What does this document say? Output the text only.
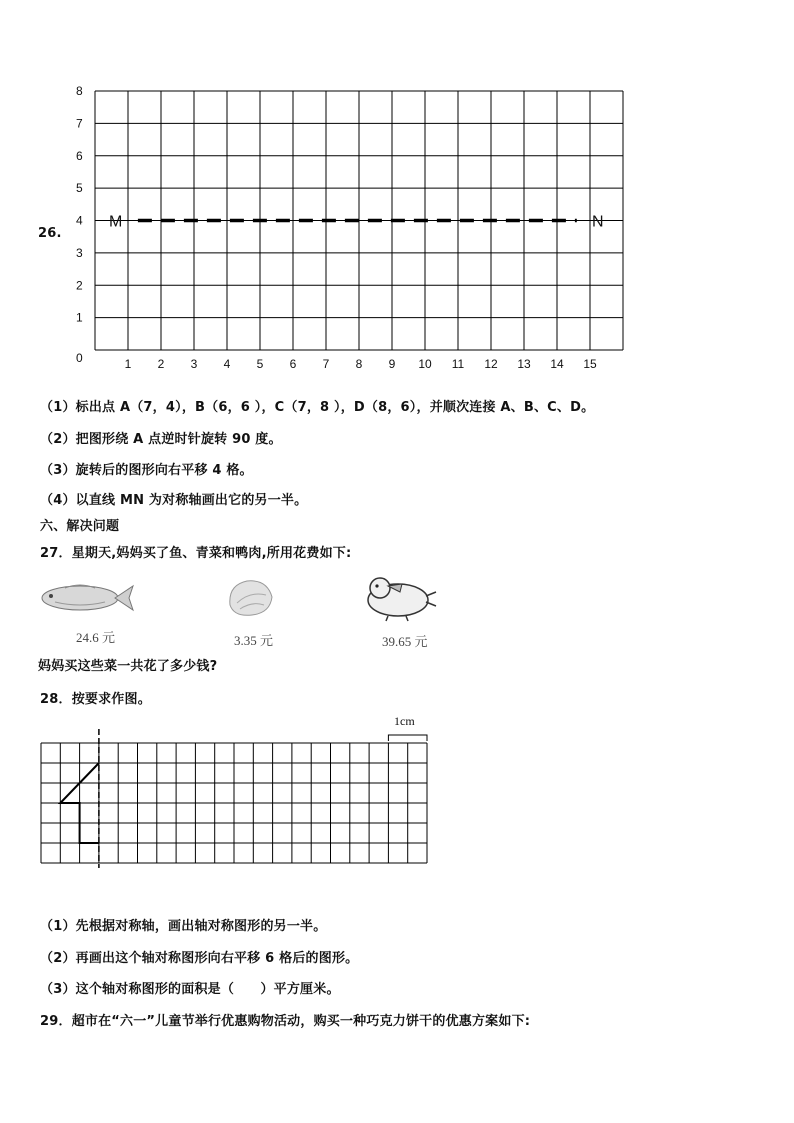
26.
0
1
2
3
4
5
6
7
8
1 2 3 4 5 6 7 8 9 10 11 12 13 14 15
M	N
（1）标出点 A（7，4），B（6，6 ），C（7，8 ），D（8，6），并顺次连接 A、B、C、D。
（2）把图形绕 A 点逆时针旋转 90 度。
（3）旋转后的图形向右平移 4 格。
（4）以直线 MN 为对称轴画出它的另一半。
六、解决问题
27．星期天,妈妈买了鱼、青菜和鸭肉,所用花费如下:
24.6 元	3.35 元	39.65 元
妈妈买这些菜一共花了多少钱?
28．按要求作图。
1cm
（1）先根据对称轴，画出轴对称图形的另一半。
（2）再画出这个轴对称图形向右平移 6 格后的图形。
（3）这个轴对称图形的面积是（　　）平方厘米。
29．超市在“六一”儿童节举行优惠购物活动，购买一种巧克力饼干的优惠方案如下:
